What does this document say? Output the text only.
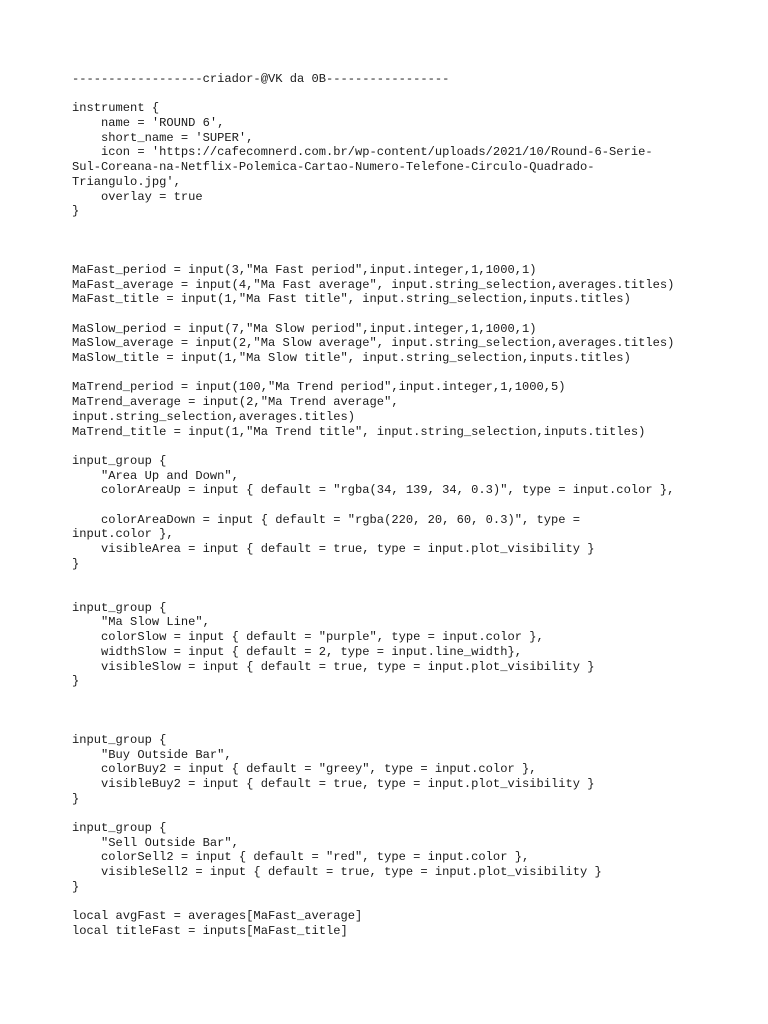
------------------criador-@VK da 0B-----------------
instrument {
name = 'ROUND 6',
short_name = 'SUPER',
icon = 'https://cafecomnerd.com.br/wp-content/uploads/2021/10/Round-6-Serie-
Sul-Coreana-na-Netflix-Polemica-Cartao-Numero-Telefone-Circulo-Quadrado-
Triangulo.jpg',
overlay = true
}
MaFast_period = input(3,"Ma Fast period",input.integer,1,1000,1)
MaFast_average = input(4,"Ma Fast average", input.string_selection,averages.titles)
MaFast_title = input(1,"Ma Fast title", input.string_selection,inputs.titles)
MaSlow_period = input(7,"Ma Slow period",input.integer,1,1000,1)
MaSlow_average = input(2,"Ma Slow average", input.string_selection,averages.titles)
MaSlow_title = input(1,"Ma Slow title", input.string_selection,inputs.titles)
MaTrend_period = input(100,"Ma Trend period",input.integer,1,1000,5)
MaTrend_average = input(2,"Ma Trend average",
input.string_selection,averages.titles)
MaTrend_title = input(1,"Ma Trend title", input.string_selection,inputs.titles)
input_group {
"Area Up and Down",
colorAreaUp = input { default = "rgba(34, 139, 34, 0.3)", type = input.color },
colorAreaDown = input { default = "rgba(220, 20, 60, 0.3)", type =
input.color },
visibleArea = input { default = true, type = input.plot_visibility }
}
input_group {
"Ma Slow Line",
colorSlow = input { default = "purple", type = input.color },
widthSlow = input { default = 2, type = input.line_width},
visibleSlow = input { default = true, type = input.plot_visibility }
}
input_group {
"Buy Outside Bar",
colorBuy2 = input { default = "greey", type = input.color },
visibleBuy2 = input { default = true, type = input.plot_visibility }
}
input_group {
"Sell Outside Bar",
colorSell2 = input { default = "red", type = input.color },
visibleSell2 = input { default = true, type = input.plot_visibility }
}
local avgFast = averages[MaFast_average]
local titleFast = inputs[MaFast_title]
